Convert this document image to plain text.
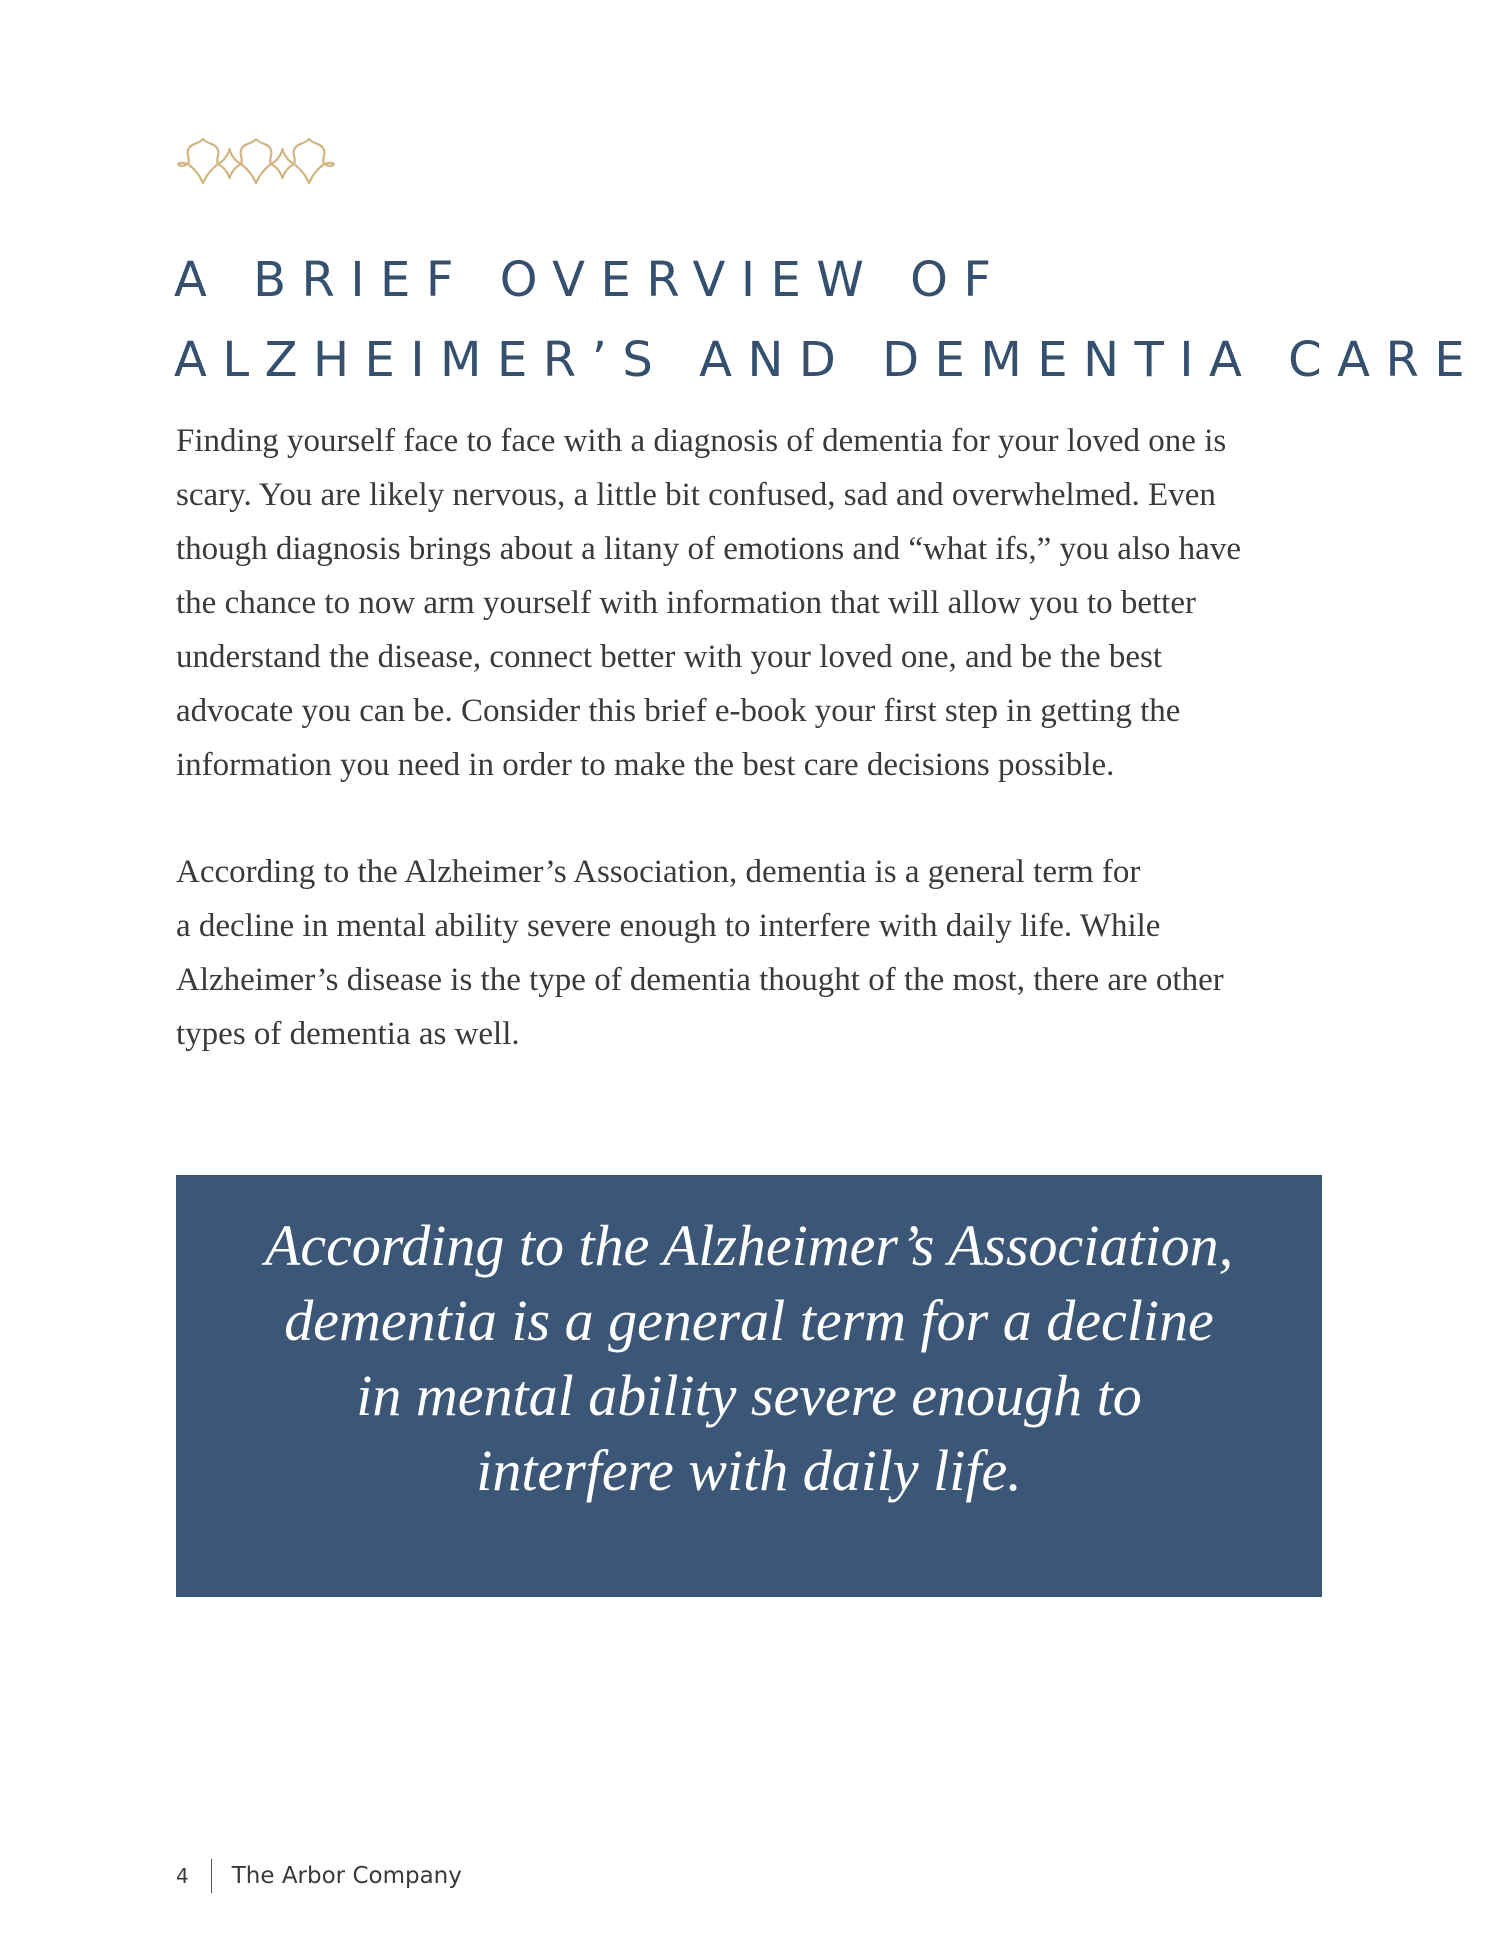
A BRIEF OVERVIEW OF
ALZHEIMER’S AND DEMENTIA CARE

Finding yourself face to face with a diagnosis of dementia for your loved one is
scary. You are likely nervous, a little bit confused, sad and overwhelmed. Even
though diagnosis brings about a litany of emotions and “what ifs,” you also have
the chance to now arm yourself with information that will allow you to better
understand the disease, connect better with your loved one, and be the best
advocate you can be. Consider this brief e-book your first step in getting the
information you need in order to make the best care decisions possible.

According to the Alzheimer’s Association, dementia is a general term for
a decline in mental ability severe enough to interfere with daily life. While
Alzheimer’s disease is the type of dementia thought of the most, there are other
types of dementia as well.

According to the Alzheimer’s Association,
dementia is a general term for a decline
in mental ability severe enough to
interfere with daily life.

4 The Arbor Company
